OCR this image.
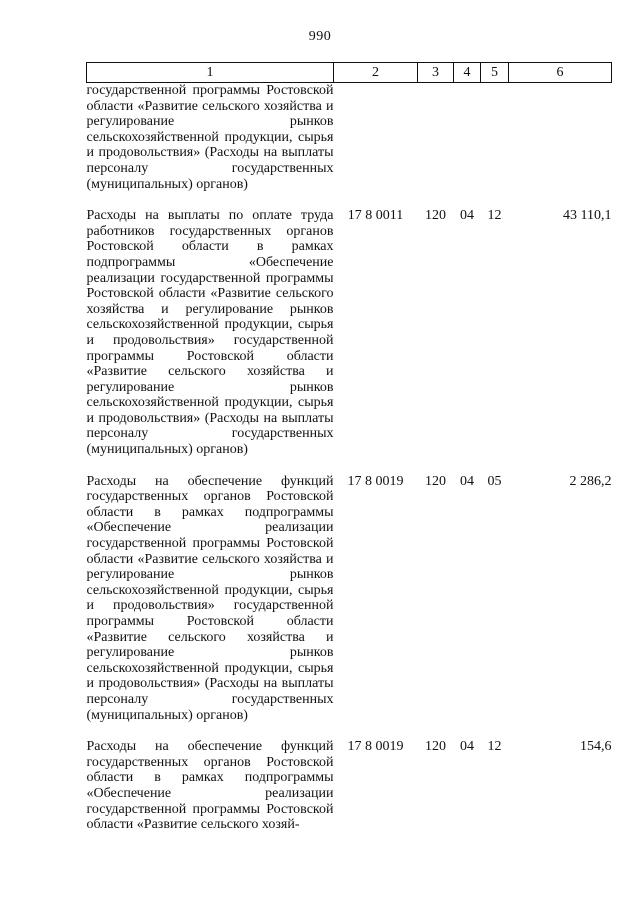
990
1	2	3	4	5	6
государственной программы Ростовской области «Развитие сельского хозяйства и регулирование рынков сельскохозяйственной продукции, сырья и продовольствия» (Расходы на выплаты персоналу государственных (муниципальных) органов)					

Расходы на выплаты по оплате труда работников государственных органов Ростовской области в рамках подпрограммы «Обеспечение реализации государственной программы Ростовской области «Развитие сельского хозяйства и регулирование рынков сельскохозяйственной продукции, сырья и продовольствия» государственной программы Ростовской области «Развитие сельского хозяйства и регулирование рынков сельскохозяйственной продукции, сырья и продовольствия» (Расходы на выплаты персоналу государственных (муниципальных) органов)	17 8 0011	120	04	12	43 110,1

Расходы на обеспечение функций государственных органов Ростовской области в рамках подпрограммы «Обеспечение реализации государственной программы Ростовской области «Развитие сельского хозяйства и регулирование рынков сельскохозяйственной продукции, сырья и продовольствия» государственной программы Ростовской области «Развитие сельского хозяйства и регулирование рынков сельскохозяйственной продукции, сырья и продовольствия» (Расходы на выплаты персоналу государственных (муниципальных) органов)	17 8 0019	120	04	05	2 286,2

Расходы на обеспечение функций государственных органов Ростовской области в рамках подпрограммы «Обеспечение реализации государственной программы Ростовской области «Развитие сельского хозяй-	17 8 0019	120	04	12	154,6
